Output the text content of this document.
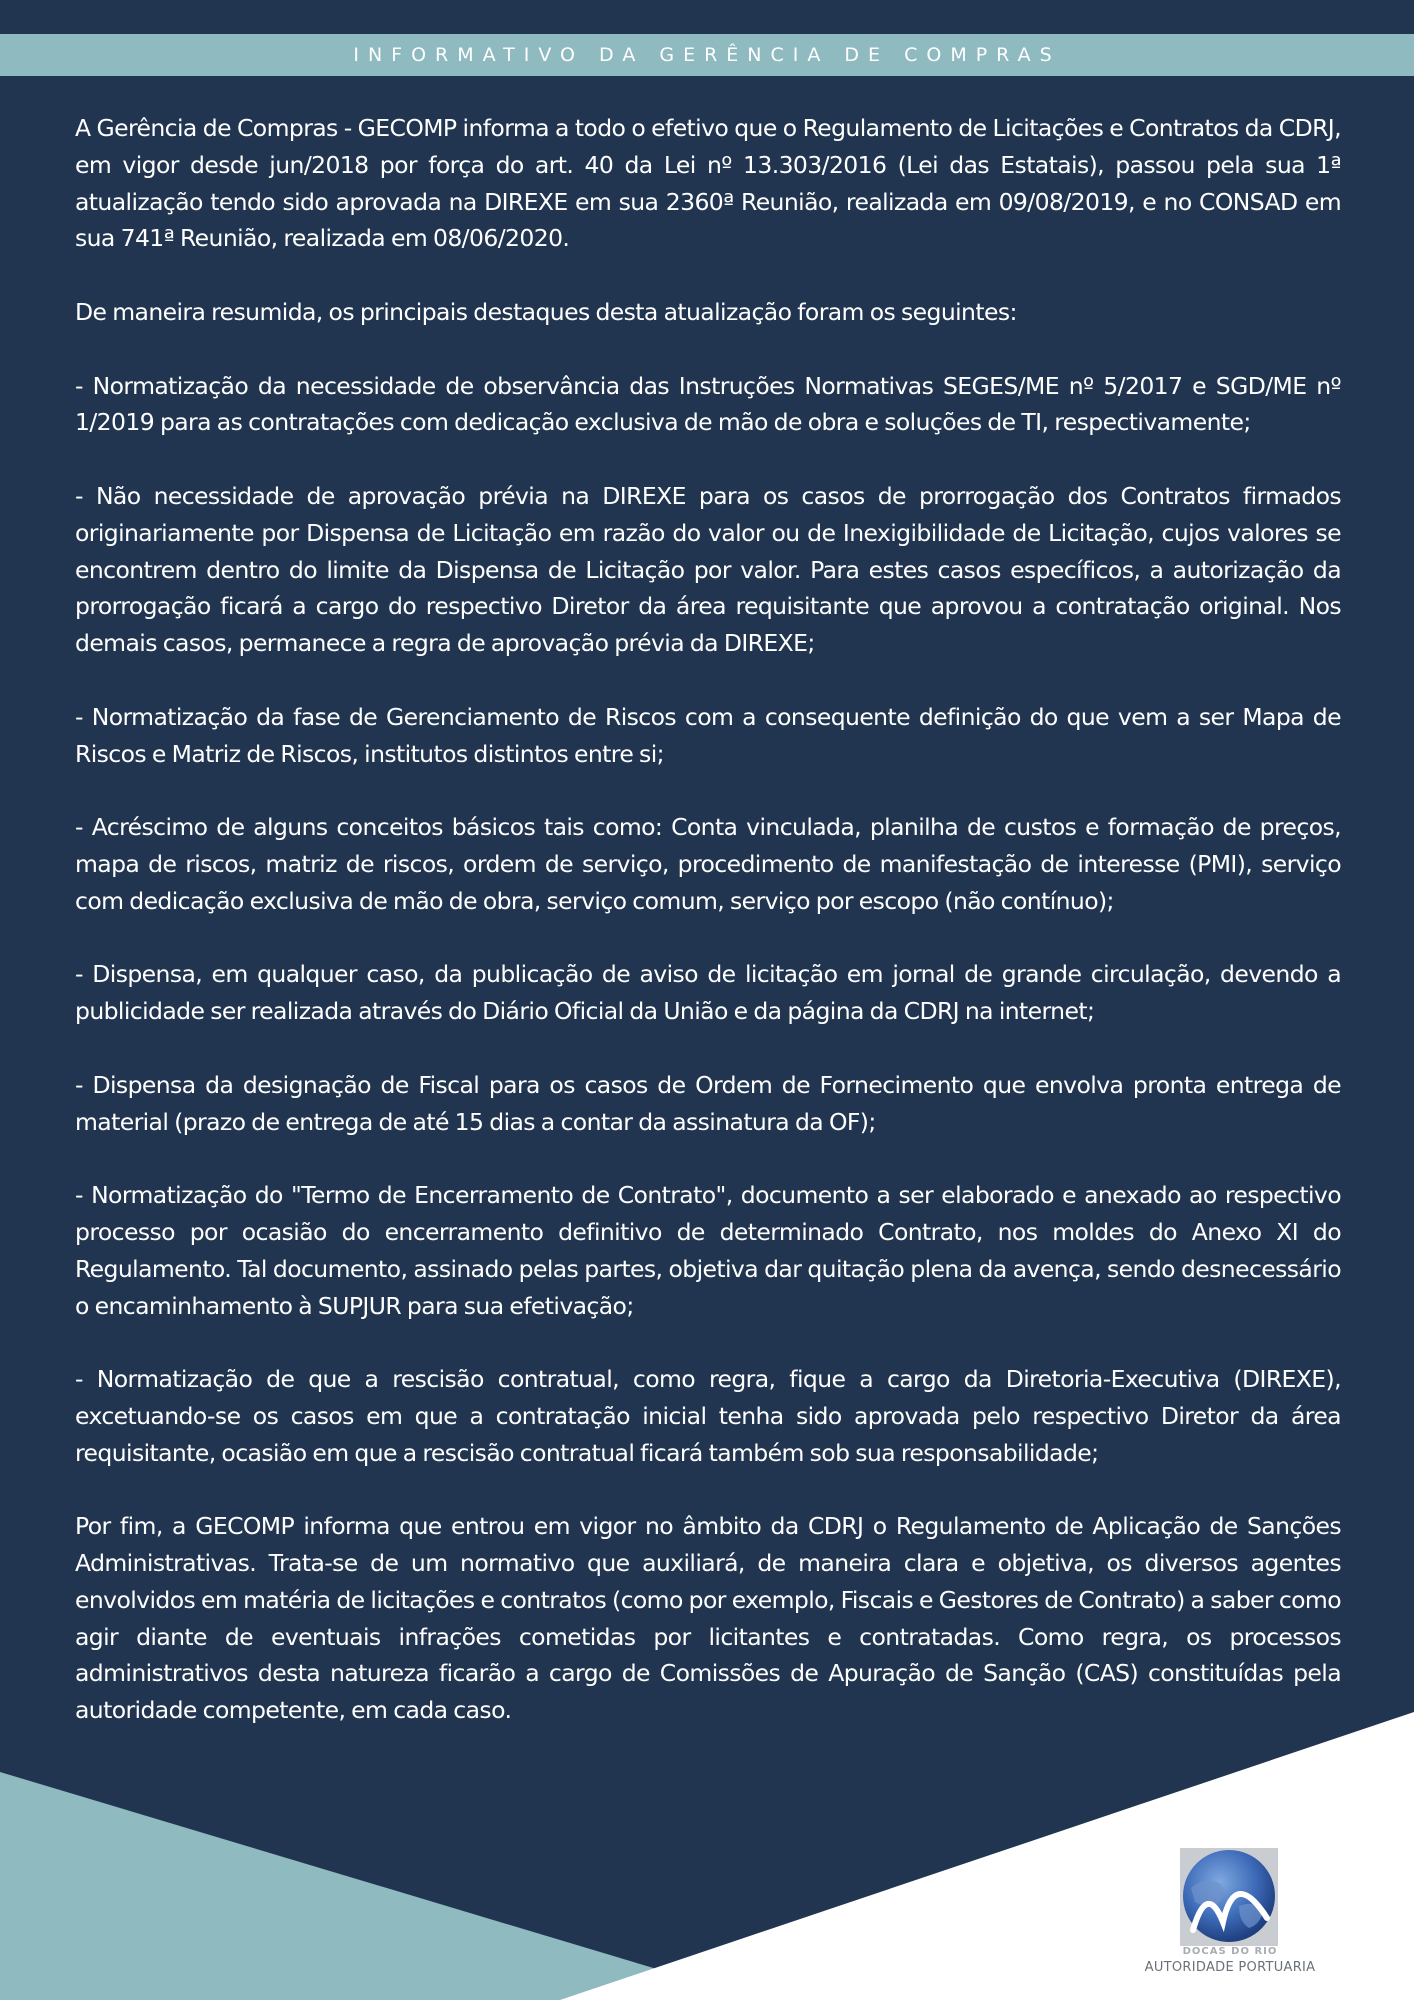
INFORMATIVO DA GERÊNCIA DE COMPRAS

A Gerência de Compras - GECOMP informa a todo o efetivo que o Regulamento de Licitações e Contratos da CDRJ, em vigor desde jun/2018 por força do art. 40 da Lei nº 13.303/2016 (Lei das Estatais), passou pela sua 1ª atualização tendo sido aprovada na DIREXE em sua 2360ª Reunião, realizada em 09/08/2019, e no CONSAD em sua 741ª Reunião, realizada em 08/06/2020.

De maneira resumida, os principais destaques desta atualização foram os seguintes:

- Normatização da necessidade de observância das Instruções Normativas SEGES/ME nº 5/2017 e SGD/ME nº 1/2019 para as contratações com dedicação exclusiva de mão de obra e soluções de TI, respectivamente;

- Não necessidade de aprovação prévia na DIREXE para os casos de prorrogação dos Contratos firmados originariamente por Dispensa de Licitação em razão do valor ou de Inexigibilidade de Licitação, cujos valores se encontrem dentro do limite da Dispensa de Licitação por valor. Para estes casos específicos, a autorização da prorrogação ficará a cargo do respectivo Diretor da área requisitante que aprovou a contratação original. Nos demais casos, permanece a regra de aprovação prévia da DIREXE;

- Normatização da fase de Gerenciamento de Riscos com a consequente definição do que vem a ser Mapa de Riscos e Matriz de Riscos, institutos distintos entre si;

- Acréscimo de alguns conceitos básicos tais como: Conta vinculada, planilha de custos e formação de preços, mapa de riscos, matriz de riscos, ordem de serviço, procedimento de manifestação de interesse (PMI), serviço com dedicação exclusiva de mão de obra, serviço comum, serviço por escopo (não contínuo);

- Dispensa, em qualquer caso, da publicação de aviso de licitação em jornal de grande circulação, devendo a publicidade ser realizada através do Diário Oficial da União e da página da CDRJ na internet;

- Dispensa da designação de Fiscal para os casos de Ordem de Fornecimento que envolva pronta entrega de material (prazo de entrega de até 15 dias a contar da assinatura da OF);

- Normatização do "Termo de Encerramento de Contrato", documento a ser elaborado e anexado ao respectivo processo por ocasião do encerramento definitivo de determinado Contrato, nos moldes do Anexo XI do Regulamento. Tal documento, assinado pelas partes, objetiva dar quitação plena da avença, sendo desnecessário o encaminhamento à SUPJUR para sua efetivação;

- Normatização de que a rescisão contratual, como regra, fique a cargo da Diretoria-Executiva (DIREXE), excetuando-se os casos em que a contratação inicial tenha sido aprovada pelo respectivo Diretor da área requisitante, ocasião em que a rescisão contratual ficará também sob sua responsabilidade;

Por fim, a GECOMP informa que entrou em vigor no âmbito da CDRJ o Regulamento de Aplicação de Sanções Administrativas. Trata-se de um normativo que auxiliará, de maneira clara e objetiva, os diversos agentes envolvidos em matéria de licitações e contratos (como por exemplo, Fiscais e Gestores de Contrato) a saber como agir diante de eventuais infrações cometidas por licitantes e contratadas. Como regra, os processos administrativos desta natureza ficarão a cargo de Comissões de Apuração de Sanção (CAS) constituídas pela autoridade competente, em cada caso.

DOCAS DO RIO
AUTORIDADE PORTUARIA
